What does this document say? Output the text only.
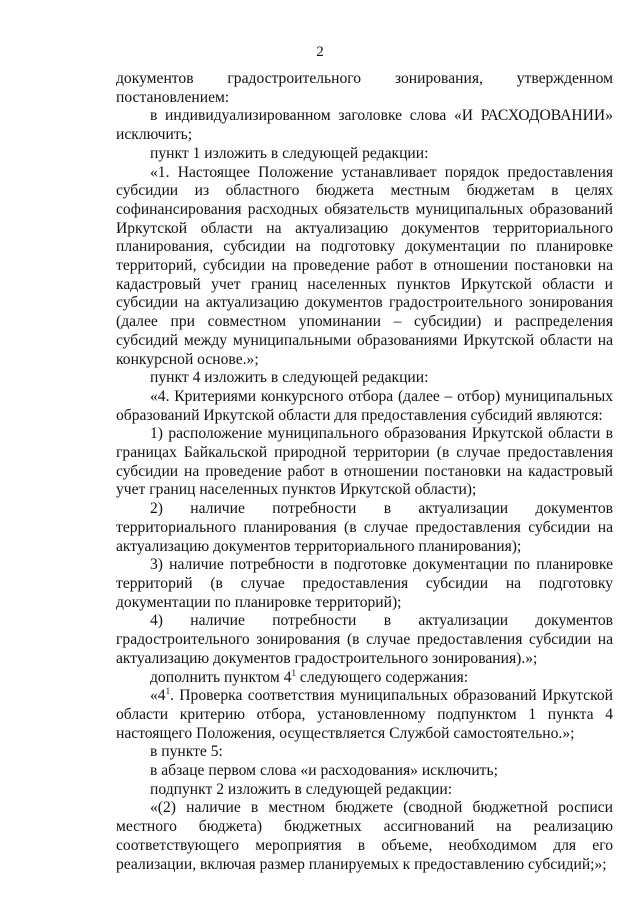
2

документов градостроительного зонирования, утвержденном

постановлением:

в индивидуализированном заголовке слова «И РАСХОДОВАНИИ» исключить;

пункт 1 изложить в следующей редакции:

«1. Настоящее Положение устанавливает порядок предоставления субсидии из областного бюджета местным бюджетам в целях софинансирования расходных обязательств муниципальных образований Иркутской области на актуализацию документов территориального планирования, субсидии на подготовку документации по планировке территорий, субсидии на проведение работ в отношении постановки на кадастровый учет границ населенных пунктов Иркутской области и субсидии на актуализацию документов градостроительного зонирования (далее при совместном упоминании – субсидии) и распределения субсидий между муниципальными образованиями Иркутской области на конкурсной основе.»;

пункт 4 изложить в следующей редакции:

«4. Критериями конкурсного отбора (далее – отбор) муниципальных образований Иркутской области для предоставления субсидий являются:

1) расположение муниципального образования Иркутской области в границах Байкальской природной территории (в случае предоставления субсидии на проведение работ в отношении постановки на кадастровый учет границ населенных пунктов Иркутской области);

2) наличие потребности в актуализации документов территориального планирования (в случае предоставления субсидии на актуализацию документов территориального планирования);

3) наличие потребности в подготовке документации по планировке территорий (в случае предоставления субсидии на подготовку документации по планировке территорий);

4) наличие потребности в актуализации документов градостроительного зонирования (в случае предоставления субсидии на актуализацию документов градостроительного зонирования).»;

дополнить пунктом $4^1$ следующего содержания:

«$4^1$. Проверка соответствия муниципальных образований Иркутской области критерию отбора, установленному подпунктом 1 пункта 4 настоящего Положения, осуществляется Службой самостоятельно.»;

в пункте 5:

в абзаце первом слова «и расходования» исключить;

подпункт 2 изложить в следующей редакции:

«(2) наличие в местном бюджете (сводной бюджетной росписи местного бюджета) бюджетных ассигнований на реализацию соответствующего мероприятия в объеме, необходимом для его реализации, включая размер планируемых к предоставлению субсидий;»;
